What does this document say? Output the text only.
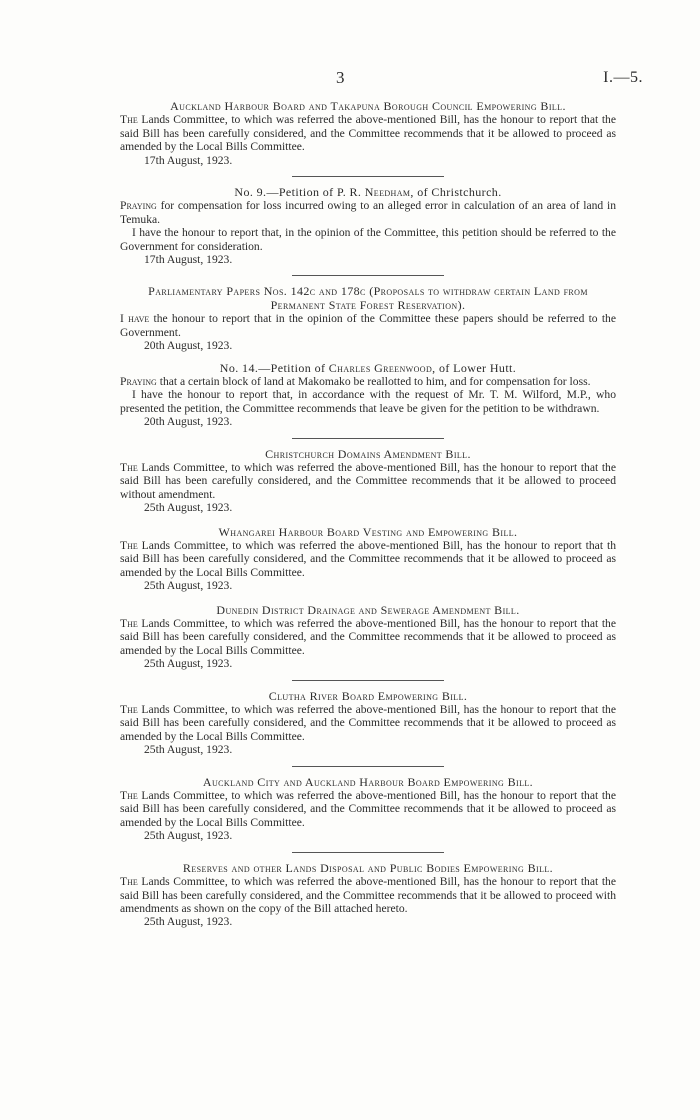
3	I.—5.

Auckland Harbour Board and Takapuna Borough Council Empowering Bill.

The Lands Committee, to which was referred the above-mentioned Bill, has the honour to report that the said Bill has been carefully considered, and the Committee recommends that it be allowed to proceed as amended by the Local Bills Committee.

17th August, 1923.

No. 9.—Petition of P. R. Needham, of Christchurch.

Praying for compensation for loss incurred owing to an alleged error in calculation of an area of land in Temuka.

I have the honour to report that, in the opinion of the Committee, this petition should be referred to the Government for consideration.

17th August, 1923.

Parliamentary Papers Nos. 142c and 178c (Proposals to withdraw certain Land from Permanent State Forest Reservation).

I have the honour to report that in the opinion of the Committee these papers should be referred to the Government.

20th August, 1923.

No. 14.—Petition of Charles Greenwood, of Lower Hutt.

Praying that a certain block of land at Makomako be reallotted to him, and for compensation for loss.

I have the honour to report that, in accordance with the request of Mr. T. M. Wilford, M.P., who presented the petition, the Committee recommends that leave be given for the petition to be withdrawn.

20th August, 1923.

Christchurch Domains Amendment Bill.

The Lands Committee, to which was referred the above-mentioned Bill, has the honour to report that the said Bill has been carefully considered, and the Committee recommends that it be allowed to proceed without amendment.

25th August, 1923.

Whangarei Harbour Board Vesting and Empowering Bill.

The Lands Committee, to which was referred the above-mentioned Bill, has the honour to report that th said Bill has been carefully considered, and the Committee recommends that it be allowed to proceed as amended by the Local Bills Committee.

25th August, 1923.

Dunedin District Drainage and Sewerage Amendment Bill.

The Lands Committee, to which was referred the above-mentioned Bill, has the honour to report that the said Bill has been carefully considered, and the Committee recommends that it be allowed to proceed as amended by the Local Bills Committee.

25th August, 1923.

Clutha River Board Empowering Bill.

The Lands Committee, to which was referred the above-mentioned Bill, has the honour to report that the said Bill has been carefully considered, and the Committee recommends that it be allowed to proceed as amended by the Local Bills Committee.

25th August, 1923.

Auckland City and Auckland Harbour Board Empowering Bill.

The Lands Committee, to which was referred the above-mentioned Bill, has the honour to report that the said Bill has been carefully considered, and the Committee recommends that it be allowed to proceed as amended by the Local Bills Committee.

25th August, 1923.

Reserves and other Lands Disposal and Public Bodies Empowering Bill.

The Lands Committee, to which was referred the above-mentioned Bill, has the honour to report that the said Bill has been carefully considered, and the Committee recommends that it be allowed to proceed with amendments as shown on the copy of the Bill attached hereto.

25th August, 1923.
